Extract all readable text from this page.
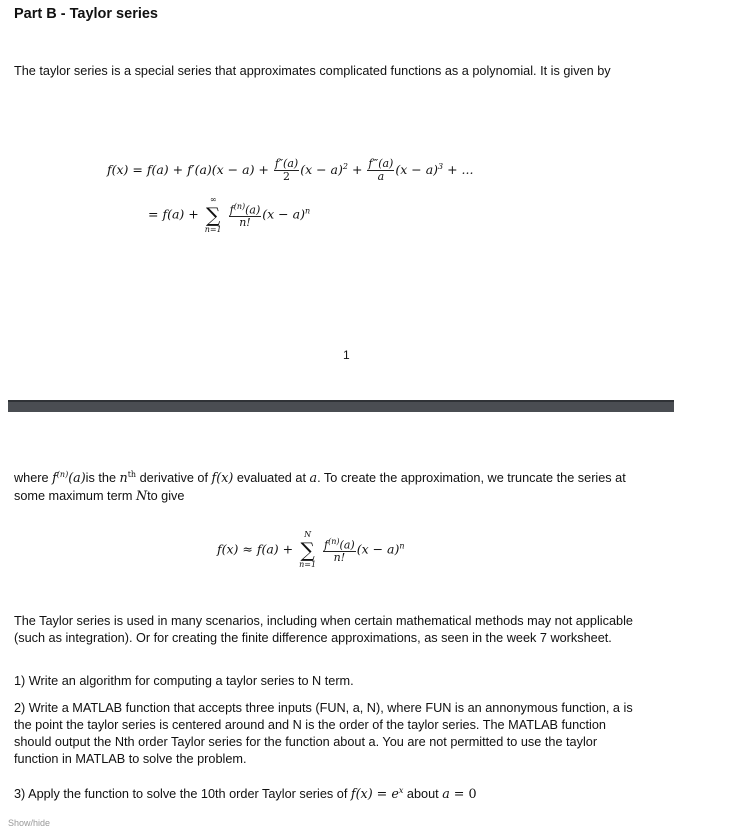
Part B - Taylor series
The taylor series is a special series that approximates complicated functions as a polynomial. It is given by
$f(x) = f(a) + f'(a)(x - a) + \frac{f''(a)}{2} (x - a)^2 + \frac{f‴(a)}{a} (x - a)^3$ + ...
= f(a) +
∞
∑
n=1

$\frac{f^{(n)}(a)}{n!} (x - a)^n$
1
where $f^{(n)}(a)is$ the $n^{th}$ derivative of f(x) evaluated at a. To create the approximation, we truncate the series at some maximum term Nto give
f(x) ≈ f(a) +
N
∑
n=1

$\frac{f^{(n)}(a)}{n!} (x - a)^n$
The Taylor series is used in many scenarios, including when certain mathematical methods may not applicable (such as integration). Or for creating the finite difference approximations, as seen in the week 7 worksheet.
1) Write an algorithm for computing a taylor series to N term.
2) Write a MATLAB function that accepts three inputs (FUN, a, N), where FUN is an annonymous function, a is the point the taylor series is centered around and N is the order of the taylor series. The MATLAB function should output the Nth order Taylor series for the function about a. You are not permitted to use the taylor function in MATLAB to solve the problem.
3) Apply the function to solve the 10th order Taylor series of $f(x) = e^x$ about a = 0
Show/hide
